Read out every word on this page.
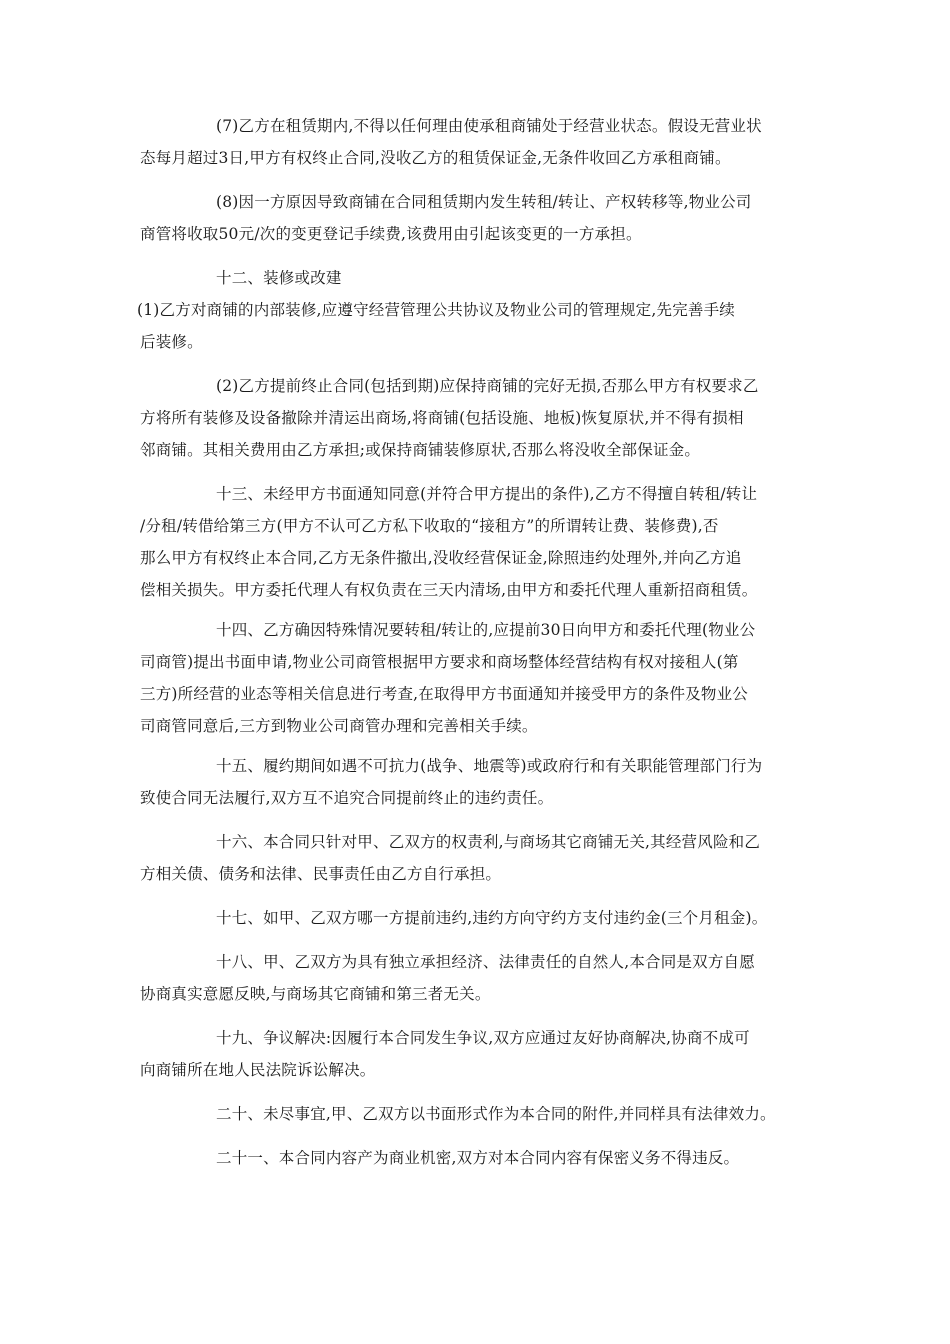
(7)乙方在租赁期内,不得以任何理由使承租商铺处于经营业状态。假设无营业状
态每月超过3日,甲方有权终止合同,没收乙方的租赁保证金,无条件收回乙方承租商铺。

(8)因一方原因导致商铺在合同租赁期内发生转租/转让、产权转移等,物业公司
商管将收取50元/次的变更登记手续费,该费用由引起该变更的一方承担。

十二、装修或改建
(1)乙方对商铺的内部装修,应遵守经营管理公共协议及物业公司的管理规定,先完善手续
后装修。

(2)乙方提前终止合同(包括到期)应保持商铺的完好无损,否那么甲方有权要求乙
方将所有装修及设备撤除并清运出商场,将商铺(包括设施、地板)恢复原状,并不得有损相
邻商铺。其相关费用由乙方承担;或保持商铺装修原状,否那么将没收全部保证金。

十三、未经甲方书面通知同意(并符合甲方提出的条件),乙方不得擅自转租/转让
/分租/转借给第三方(甲方不认可乙方私下收取的“接租方”的所谓转让费、装修费),否
那么甲方有权终止本合同,乙方无条件撤出,没收经营保证金,除照违约处理外,并向乙方追
偿相关损失。甲方委托代理人有权负责在三天内清场,由甲方和委托代理人重新招商租赁。

十四、乙方确因特殊情况要转租/转让的,应提前30日向甲方和委托代理(物业公
司商管)提出书面申请,物业公司商管根据甲方要求和商场整体经营结构有权对接租人(第
三方)所经营的业态等相关信息进行考查,在取得甲方书面通知并接受甲方的条件及物业公
司商管同意后,三方到物业公司商管办理和完善相关手续。

十五、履约期间如遇不可抗力(战争、地震等)或政府行和有关职能管理部门行为
致使合同无法履行,双方互不追究合同提前终止的违约责任。

十六、本合同只针对甲、乙双方的权责利,与商场其它商铺无关,其经营风险和乙
方相关债、债务和法律、民事责任由乙方自行承担。

十七、如甲、乙双方哪一方提前违约,违约方向守约方支付违约金(三个月租金)。

十八、甲、乙双方为具有独立承担经济、法律责任的自然人,本合同是双方自愿
协商真实意愿反映,与商场其它商铺和第三者无关。

十九、争议解决:因履行本合同发生争议,双方应通过友好协商解决,协商不成可
向商铺所在地人民法院诉讼解决。

二十、未尽事宜,甲、乙双方以书面形式作为本合同的附件,并同样具有法律效力。

二十一、本合同内容产为商业机密,双方对本合同内容有保密义务不得违反。
